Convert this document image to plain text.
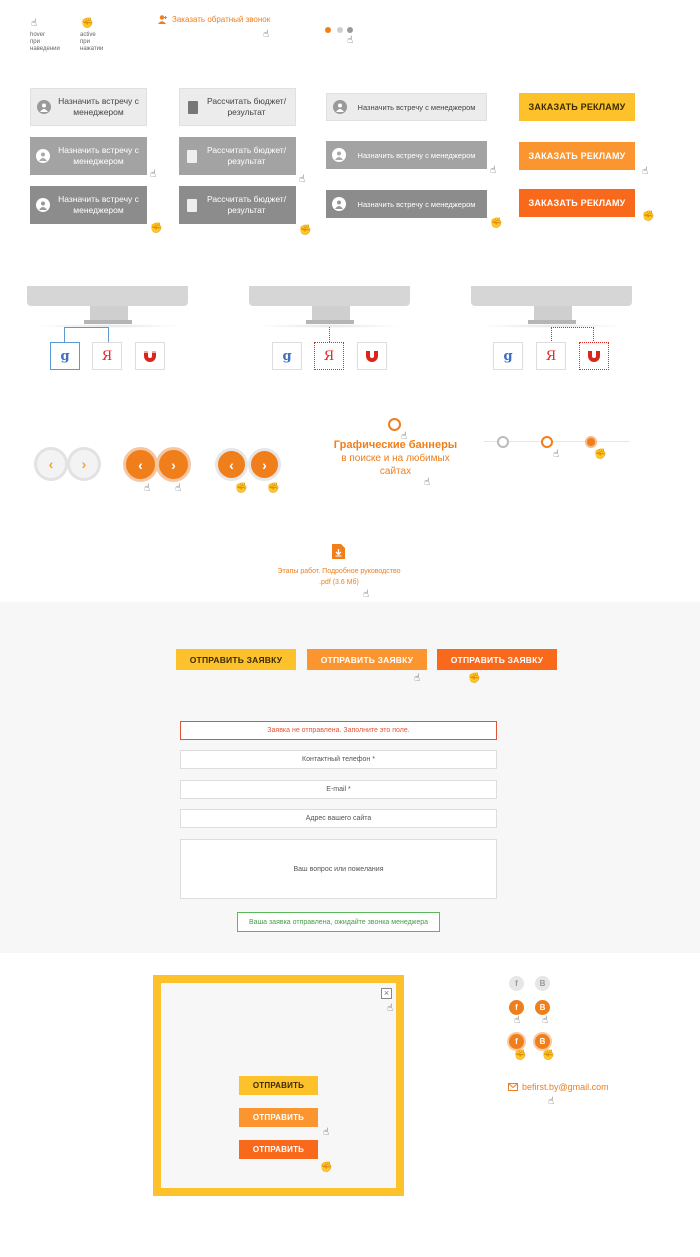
☝
hover
при
наведении
✊
active
при
нажатии
Заказать обратный звонок
☝
☝
Назначить встречу с менеджером
Назначить встречу с менеджером
☝
Назначить встречу с менеджером
✊
Рассчитать бюджет/результат
Рассчитать бюджет/результат
☝
Рассчитать бюджет/результат
✊
Назначить встречу с менеджером
Назначить встречу с менеджером
☝
Назначить встречу с менеджером
✊
ЗАКАЗАТЬ РЕКЛАМУ
ЗАКАЗАТЬ РЕКЛАМУ
☝
ЗАКАЗАТЬ РЕКЛАМУ
✊
g Я	g Я	g	Я
‹ ›	‹ ›
☝ ☝
‹ ›
✊ ✊
☝
Графические баннеры
в поиске и на любимых сайтах
☝
☝	✊
Этапы работ. Подробное руководство
.pdf (3.6 Мб)
☝
ОТПРАВИТЬ ЗАЯВКУ	ОТПРАВИТЬ ЗАЯВКУ
☝
ОТПРАВИТЬ ЗАЯВКУ
✊
Заявка не отправлена. Заполните это поле.
Контактный телефон *
E-mail *
Адрес вашего сайта
Ваш вопрос или пожелания
Ваша заявка отправлена, ожидайте звонка менеджера
×
☝
ОТПРАВИТЬ
ОТПРАВИТЬ
☝
ОТПРАВИТЬ
✊
f	B
f	B
☝ ☝
f	B
✊ ✊
befirst.by@gmail.com
☝
